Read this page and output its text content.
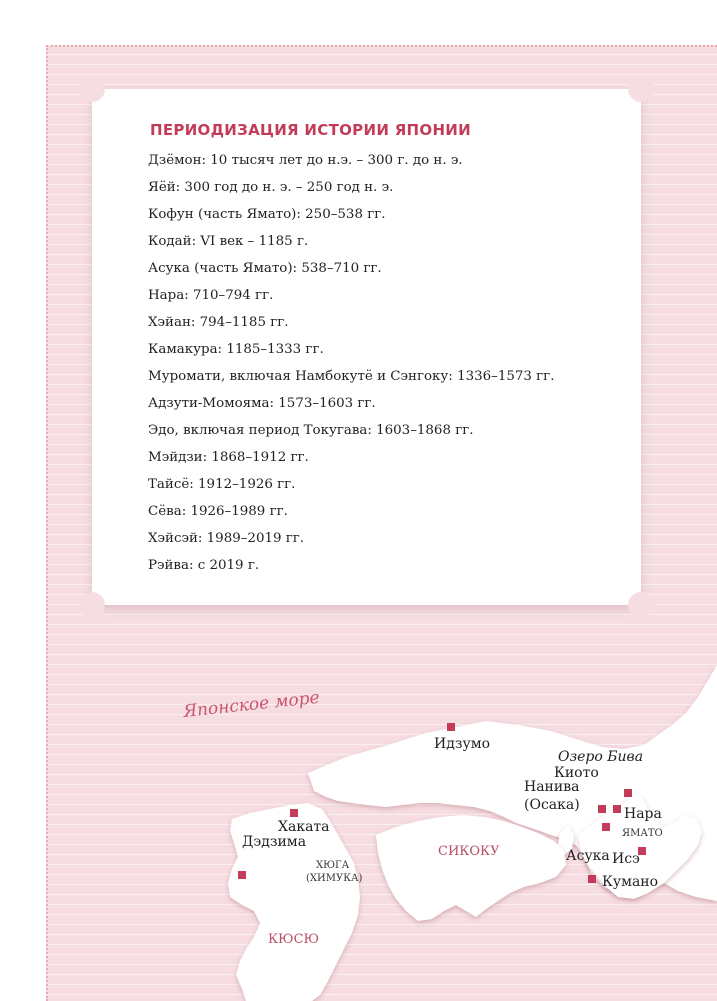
Японское море
Идзумо
Озеро Бива
Киото
Нанива
(Осака)
Нара
ЯМАТО
Асука Исэ
Кумано
СИКОКУ
Хаката
Дэдзима
ХЮГА
(ХИМУКА)
КЮСЮ
ПЕРИОДИЗАЦИЯ ИСТОРИИ ЯПОНИИ
Дзёмон: 10 тысяч лет до н.э. – 300 г. до н. э.
Яёй: 300 год до н. э. – 250 год н. э.
Кофун (часть Ямато): 250–538 гг.
Кодай: VI век – 1185 г.
Асука (часть Ямато): 538–710 гг.
Нара: 710–794 гг.
Хэйан: 794–1185 гг.
Камакура: 1185–1333 гг.
Муромати, включая Намбокутё и Сэнгоку: 1336–1573 гг.
Адзути-Момояма: 1573–1603 гг.
Эдо, включая период Токугава: 1603–1868 гг.
Мэйдзи: 1868–1912 гг.
Тайсё: 1912–1926 гг.
Сёва: 1926–1989 гг.
Хэйсэй: 1989–2019 гг.
Рэйва: с 2019 г.
